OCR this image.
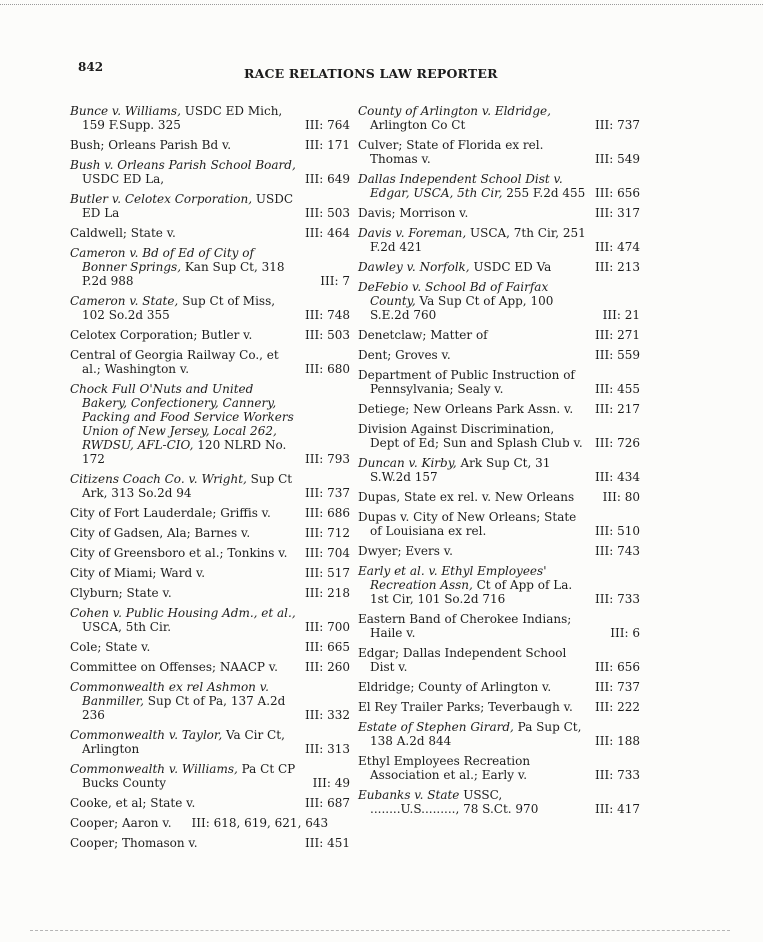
842	RACE RELATIONS LAW REPORTER
Bunce v. Williams, USDC ED Mich, 159 F.Supp. 325	III: 764
Bush; Orleans Parish Bd v.	III: 171
Bush v. Orleans Parish School Board, USDC ED La,	III: 649
Butler v. Celotex Corporation, USDC ED La	III: 503
Caldwell; State v.	III: 464
Cameron v. Bd of Ed of City of Bonner Springs, Kan Sup Ct, 318 P.2d 988	III: 7
Cameron v. State, Sup Ct of Miss, 102 So.2d 355	III: 748
Celotex Corporation; Butler v.	III: 503
Central of Georgia Railway Co., et al.; Washington v.	III: 680
Chock Full O'Nuts and United Bakery, Confectionery, Cannery, Packing and Food Service Workers Union of New Jersey, Local 262, RWDSU, AFL-CIO, 120 NLRD No. 172	III: 793
Citizens Coach Co. v. Wright, Sup Ct Ark, 313 So.2d 94	III: 737
City of Fort Lauderdale; Griffis v.	III: 686
City of Gadsen, Ala; Barnes v.	III: 712
City of Greensboro et al.; Tonkins v. III: 704
City of Miami; Ward v.	III: 517
Clyburn; State v.	III: 218
Cohen v. Public Housing Adm., et al., USCA, 5th Cir.	III: 700
Cole; State v.	III: 665
Committee on Offenses; NAACP v. III: 260
Commonwealth ex rel Ashmon v. Banmiller, Sup Ct of Pa, 137 A.2d 236	III: 332
Commonwealth v. Taylor, Va Cir Ct, Arlington	III: 313
Commonwealth v. Williams, Pa Ct CP Bucks County	III: 49
Cooke, et al; State v.	III: 687
Cooper; Aaron v. III: 618, 619, 621, 643
Cooper; Thomason v.	III: 451
County of Arlington v. Eldridge, Arlington Co Ct	III: 737
Culver; State of Florida ex rel. Thomas v.	III: 549
Dallas Independent School Dist v. Edgar, USCA, 5th Cir, 255 F.2d 455 III: 656
Davis; Morrison v.	III: 317
Davis v. Foreman, USCA, 7th Cir, 251 F.2d 421	III: 474
Dawley v. Norfolk, USDC ED Va	III: 213
DeFebio v. School Bd of Fairfax County, Va Sup Ct of App, 100 S.E.2d 760	III: 21
Denetclaw; Matter of	III: 271
Dent; Groves v.	III: 559
Department of Public Instruction of Pennsylvania; Sealy v.	III: 455
Detiege; New Orleans Park Assn. v. III: 217
Division Against Discrimination, Dept of Ed; Sun and Splash Club v. III: 726
Duncan v. Kirby, Ark Sup Ct, 31 S.W.2d 157	III: 434
Dupas, State ex rel. v. New Orleans III: 80
Dupas v. City of New Orleans; State of Louisiana ex rel.	III: 510
Dwyer; Evers v.	III: 743
Early et al. v. Ethyl Employees' Recreation Assn, Ct of App of La. 1st Cir, 101 So.2d 716	III: 733
Eastern Band of Cherokee Indians; Haile v.	III: 6
Edgar; Dallas Independent School Dist v.	III: 656
Eldridge; County of Arlington v.	III: 737
El Rey Trailer Parks; Teverbaugh v. III: 222
Estate of Stephen Girard, Pa Sup Ct, 138 A.2d 844	III: 188
Ethyl Employees Recreation Association et al.; Early v.	III: 733
Eubanks v. State USSC, ........U.S........., 78 S.Ct. 970	III: 417
